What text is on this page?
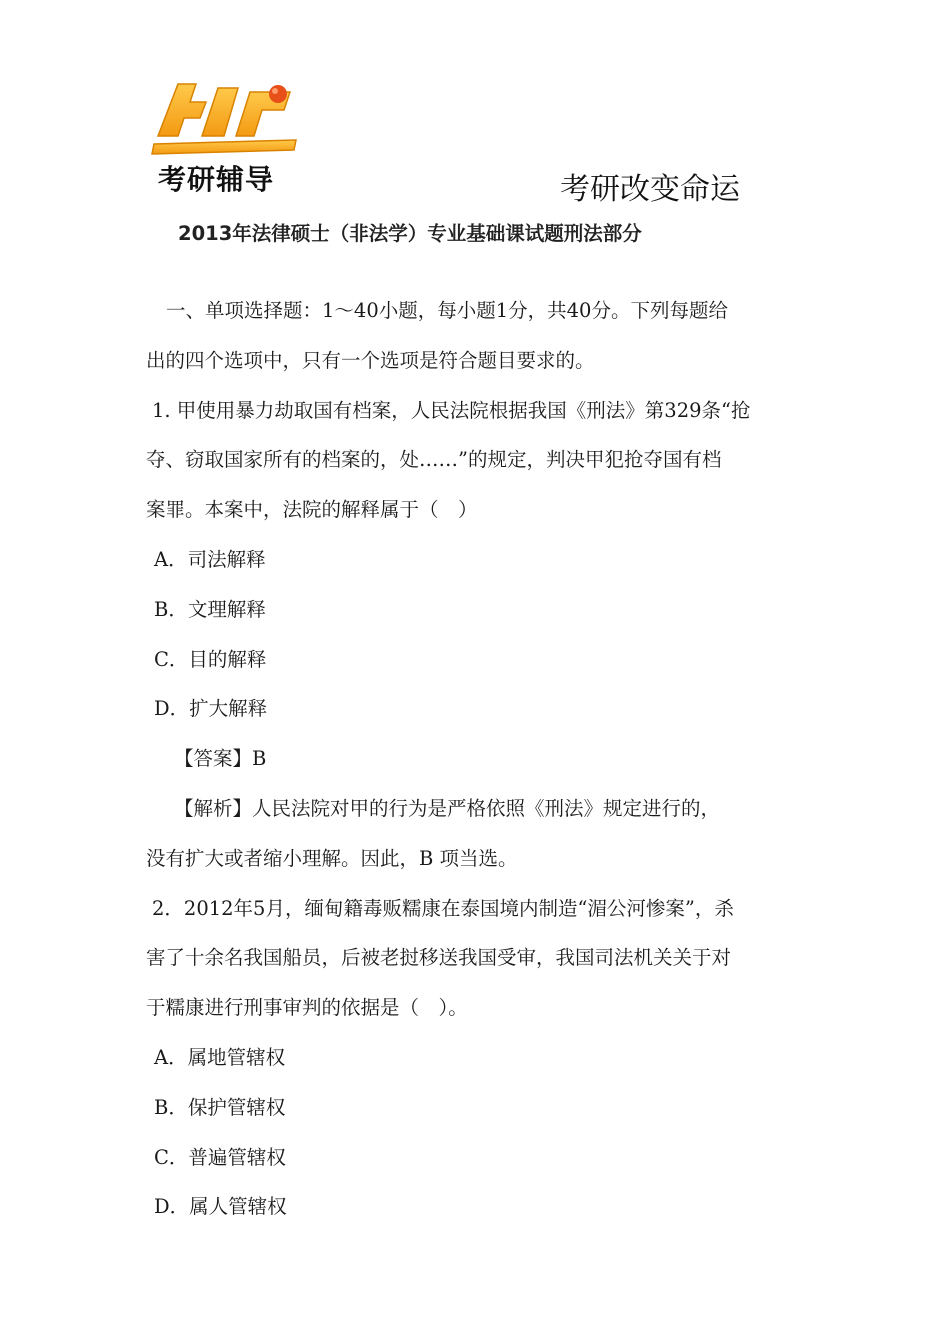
考研辅导	考研改变命运
2013年法律硕士（非法学）专业基础课试题刑法部分
一、单项选择题：1～40小题，每小题1分，共40分。下列每题给
出的四个选项中，只有一个选项是符合题目要求的。
1. 甲使用暴力劫取国有档案，人民法院根据我国《刑法》第329条“抢
夺、窃取国家所有的档案的，处……”的规定，判决甲犯抢夺国有档
案罪。本案中，法院的解释属于（　）
A．司法解释
B．文理解释
C．目的解释
D．扩大解释
【答案】B
【解析】人民法院对甲的行为是严格依照《刑法》规定进行的，
没有扩大或者缩小理解。因此，B 项当选。
2．2012年5月，缅甸籍毒贩糯康在泰国境内制造“湄公河惨案”，杀
害了十余名我国船员，后被老挝移送我国受审，我国司法机关关于对
于糯康进行刑事审判的依据是（　）。
A．属地管辖权
B．保护管辖权
C．普遍管辖权
D．属人管辖权
